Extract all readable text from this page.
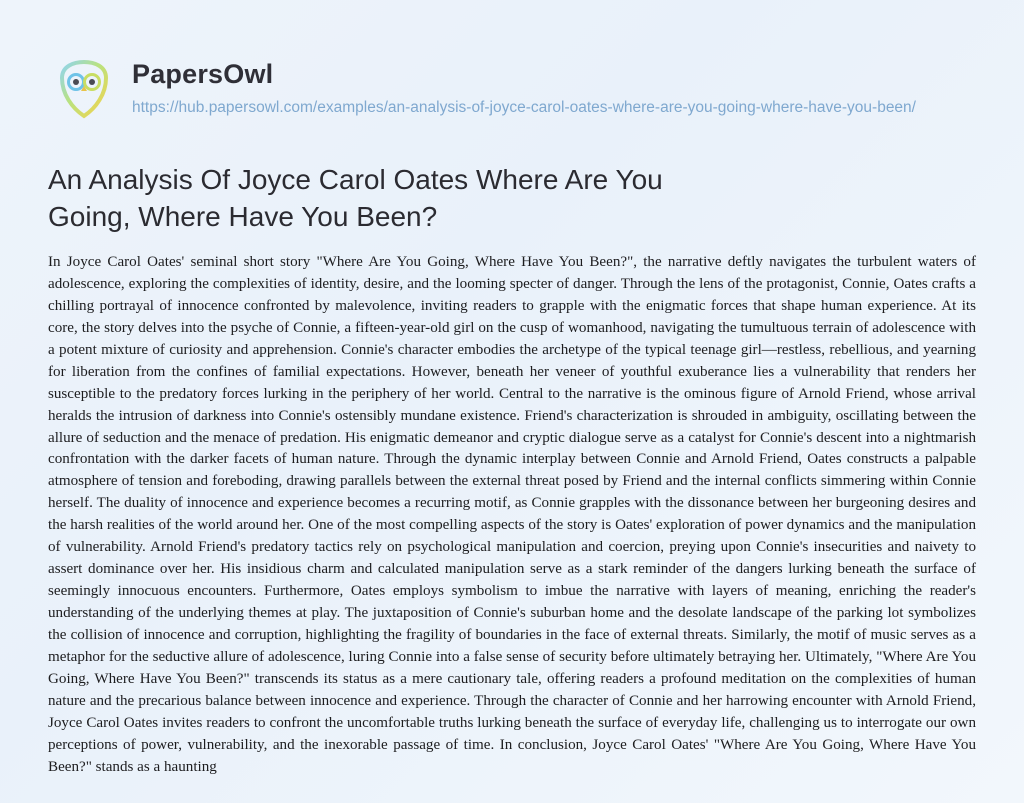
PapersOwl
https://hub.papersowl.com/examples/an-analysis-of-joyce-carol-oates-where-are-you-going-where-have-you-been/
An Analysis Of Joyce Carol Oates Where Are You Going, Where Have You Been?
In Joyce Carol Oates' seminal short story "Where Are You Going, Where Have You Been?", the narrative deftly navigates the turbulent waters of adolescence, exploring the complexities of identity, desire, and the looming specter of danger. Through the lens of the protagonist, Connie, Oates crafts a chilling portrayal of innocence confronted by malevolence, inviting readers to grapple with the enigmatic forces that shape human experience. At its core, the story delves into the psyche of Connie, a fifteen-year-old girl on the cusp of womanhood, navigating the tumultuous terrain of adolescence with a potent mixture of curiosity and apprehension. Connie's character embodies the archetype of the typical teenage girl—restless, rebellious, and yearning for liberation from the confines of familial expectations. However, beneath her veneer of youthful exuberance lies a vulnerability that renders her susceptible to the predatory forces lurking in the periphery of her world. Central to the narrative is the ominous figure of Arnold Friend, whose arrival heralds the intrusion of darkness into Connie's ostensibly mundane existence. Friend's characterization is shrouded in ambiguity, oscillating between the allure of seduction and the menace of predation. His enigmatic demeanor and cryptic dialogue serve as a catalyst for Connie's descent into a nightmarish confrontation with the darker facets of human nature. Through the dynamic interplay between Connie and Arnold Friend, Oates constructs a palpable atmosphere of tension and foreboding, drawing parallels between the external threat posed by Friend and the internal conflicts simmering within Connie herself. The duality of innocence and experience becomes a recurring motif, as Connie grapples with the dissonance between her burgeoning desires and the harsh realities of the world around her. One of the most compelling aspects of the story is Oates' exploration of power dynamics and the manipulation of vulnerability. Arnold Friend's predatory tactics rely on psychological manipulation and coercion, preying upon Connie's insecurities and naivety to assert dominance over her. His insidious charm and calculated manipulation serve as a stark reminder of the dangers lurking beneath the surface of seemingly innocuous encounters. Furthermore, Oates employs symbolism to imbue the narrative with layers of meaning, enriching the reader's understanding of the underlying themes at play. The juxtaposition of Connie's suburban home and the desolate landscape of the parking lot symbolizes the collision of innocence and corruption, highlighting the fragility of boundaries in the face of external threats. Similarly, the motif of music serves as a metaphor for the seductive allure of adolescence, luring Connie into a false sense of security before ultimately betraying her. Ultimately, "Where Are You Going, Where Have You Been?" transcends its status as a mere cautionary tale, offering readers a profound meditation on the complexities of human nature and the precarious balance between innocence and experience. Through the character of Connie and her harrowing encounter with Arnold Friend, Joyce Carol Oates invites readers to confront the uncomfortable truths lurking beneath the surface of everyday life, challenging us to interrogate our own perceptions of power, vulnerability, and the inexorable passage of time. In conclusion, Joyce Carol Oates' "Where Are You Going, Where Have You Been?" stands as a haunting
